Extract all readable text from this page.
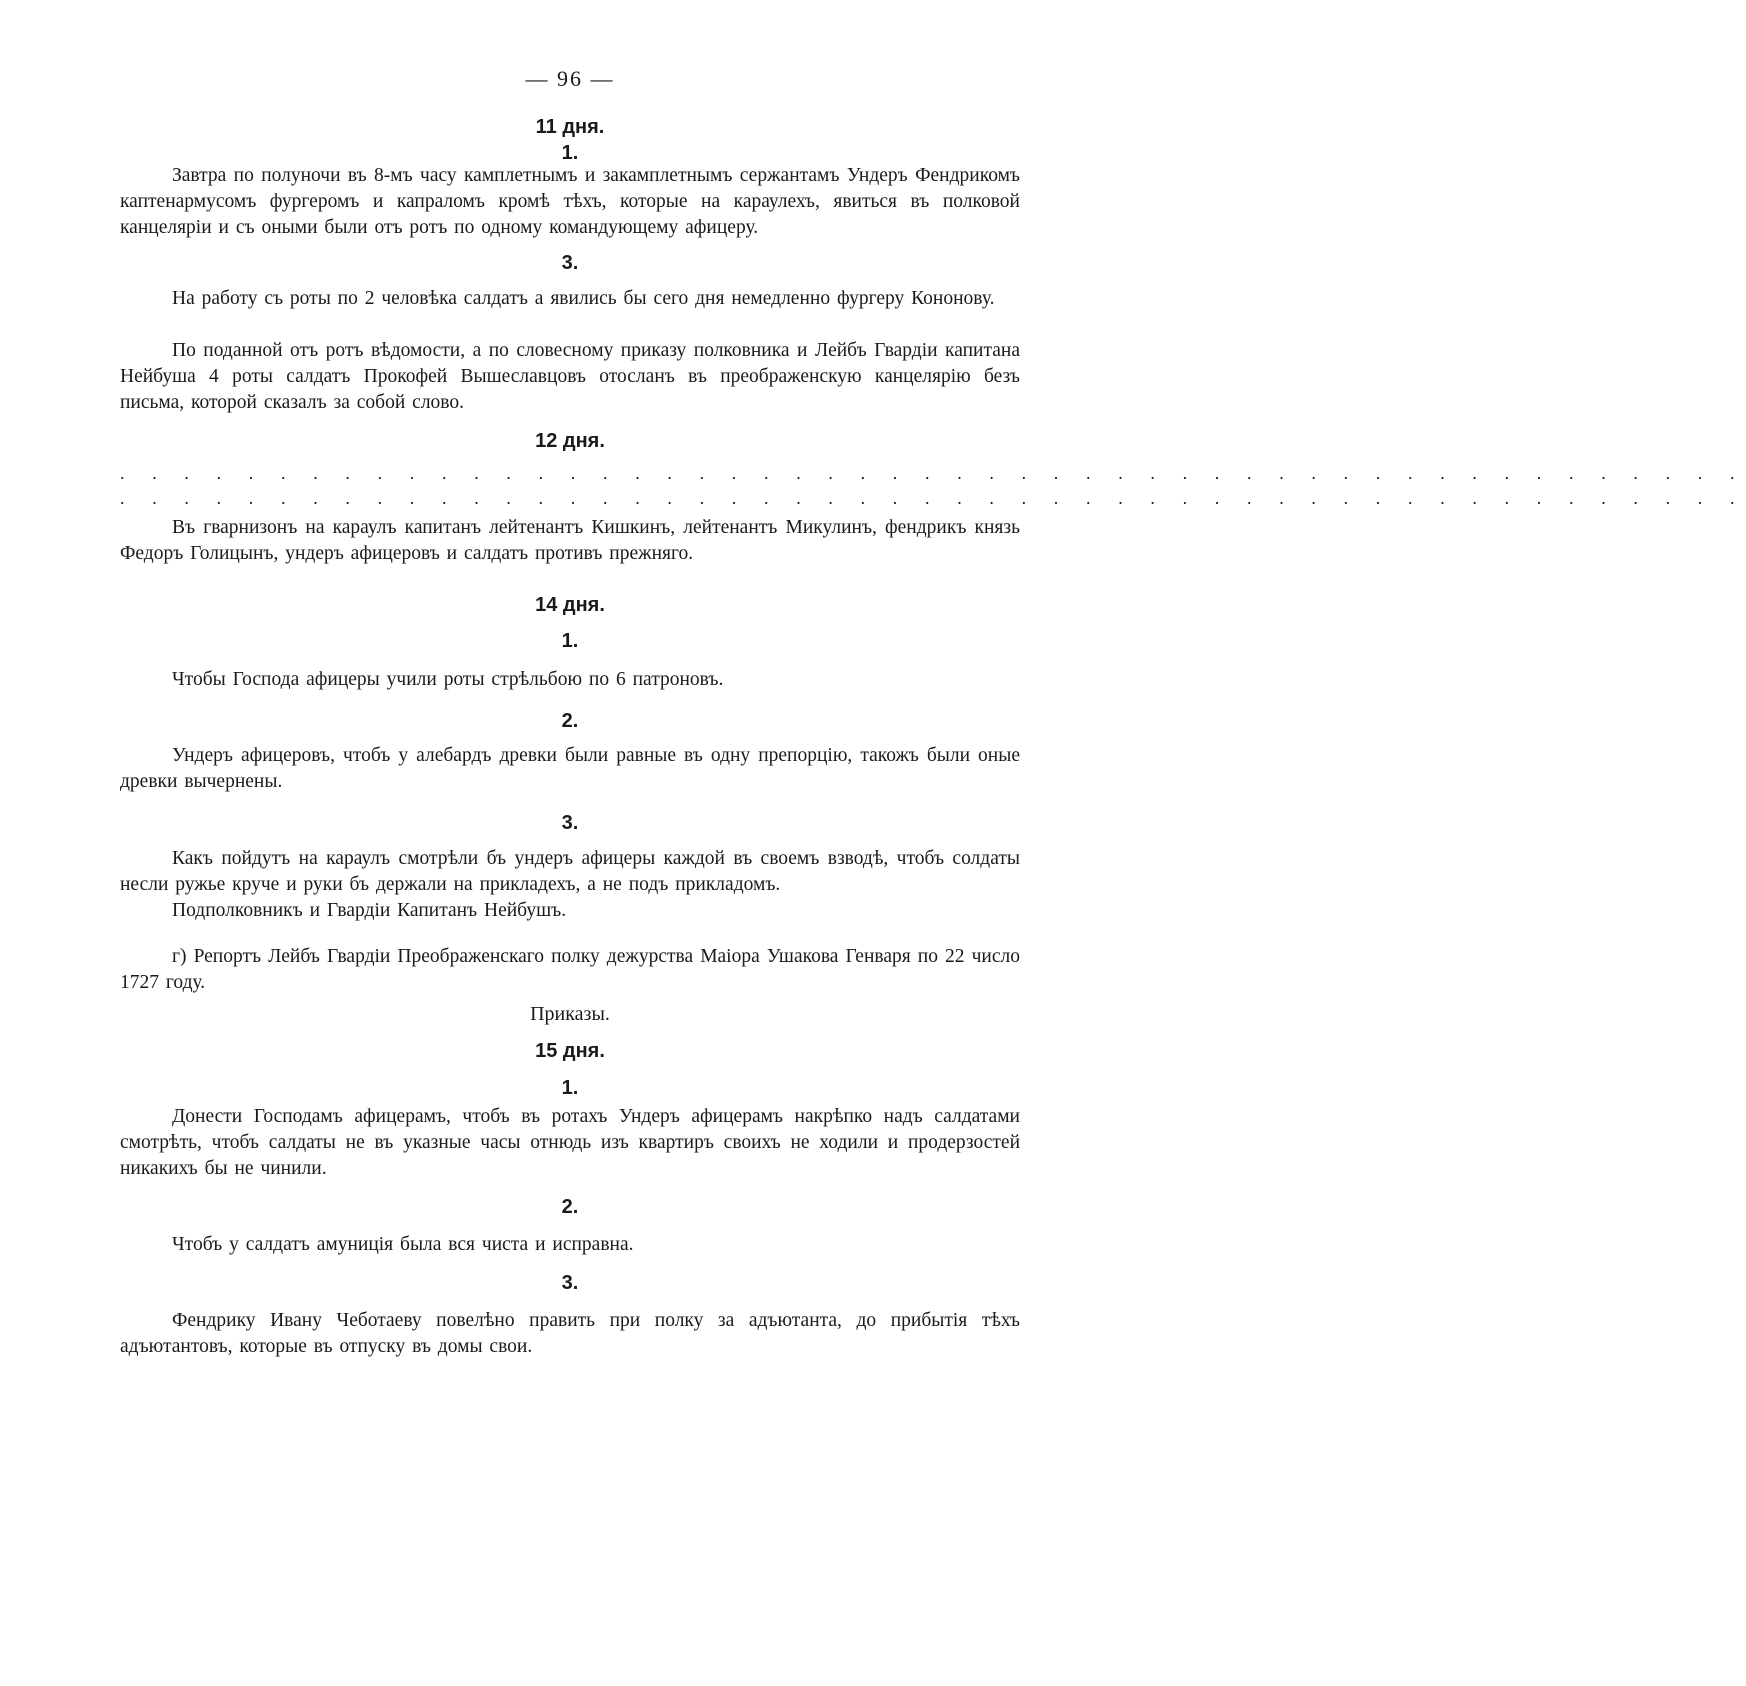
— 96 —
11 дня.
1.
Завтра по полуночи въ 8-мъ часу камплетнымъ и закамплетнымъ сержантамъ Ундеръ Фендрикомъ каптенармусомъ фургеромъ и капраломъ кромѣ тѣхъ, которые на караулехъ, явиться въ полковой канцеляріи и съ оными были отъ ротъ по одному командующему афицеру.
3.
На работу съ роты по 2 человѣка салдатъ а явились бы сего дня немедленно фургеру Кононову.
По поданной отъ ротъ вѣдомости, а по словесному приказу полковника и Лейбъ Гвардіи капитана Нейбуша 4 роты салдатъ Прокофей Вышеславцовъ отосланъ въ преображенскую канцелярію безъ письма, которой сказалъ за собой слово.
12 дня.
. . . . . . . . . . . . . . . . . . . . . . . . . . . . . . . . . . . . . . . . . . . . . . . . . . .
. . . . . . . . . . . . . . . . . . . . . . . . . . . . . . . . . . . . . . . . . . . . . . . . . . .
Въ гварнизонъ на караулъ капитанъ лейтенантъ Кишкинъ, лейтенантъ Микулинъ, фендрикъ князь Федоръ Голицынъ, ундеръ афицеровъ и салдатъ противъ прежняго.
14 дня.
1.
Чтобы Господа афицеры учили роты стрѣльбою по 6 патроновъ.
2.
Ундеръ афицеровъ, чтобъ у алебардъ древки были равные въ одну препорцію, такожъ были оные древки вычернены.
3.
Какъ пойдутъ на караулъ смотрѣли бъ ундеръ афицеры каждой въ своемъ взводѣ, чтобъ солдаты несли ружье круче и руки бъ держали на прикладехъ, а не подъ прикладомъ.
Подполковникъ и Гвардіи Капитанъ Нейбушъ.
г) Репортъ Лейбъ Гвардіи Преображенскаго полку дежурства Маіора Ушакова Генваря по 22 число 1727 году.
Приказы.
15 дня.
1.
Донести Господамъ афицерамъ, чтобъ въ ротахъ Ундеръ афицерамъ накрѣпко надъ салдатами смотрѣть, чтобъ салдаты не въ указные часы отнюдь изъ квартиръ своихъ не ходили и продерзостей никакихъ бы не чинили.
2.
Чтобъ у салдатъ амуниція была вся чиста и исправна.
3.
Фендрику Ивану Чеботаеву повелѣно править при полку за адъютанта, до прибытія тѣхъ адъютантовъ, которые въ отпуску въ домы свои.
